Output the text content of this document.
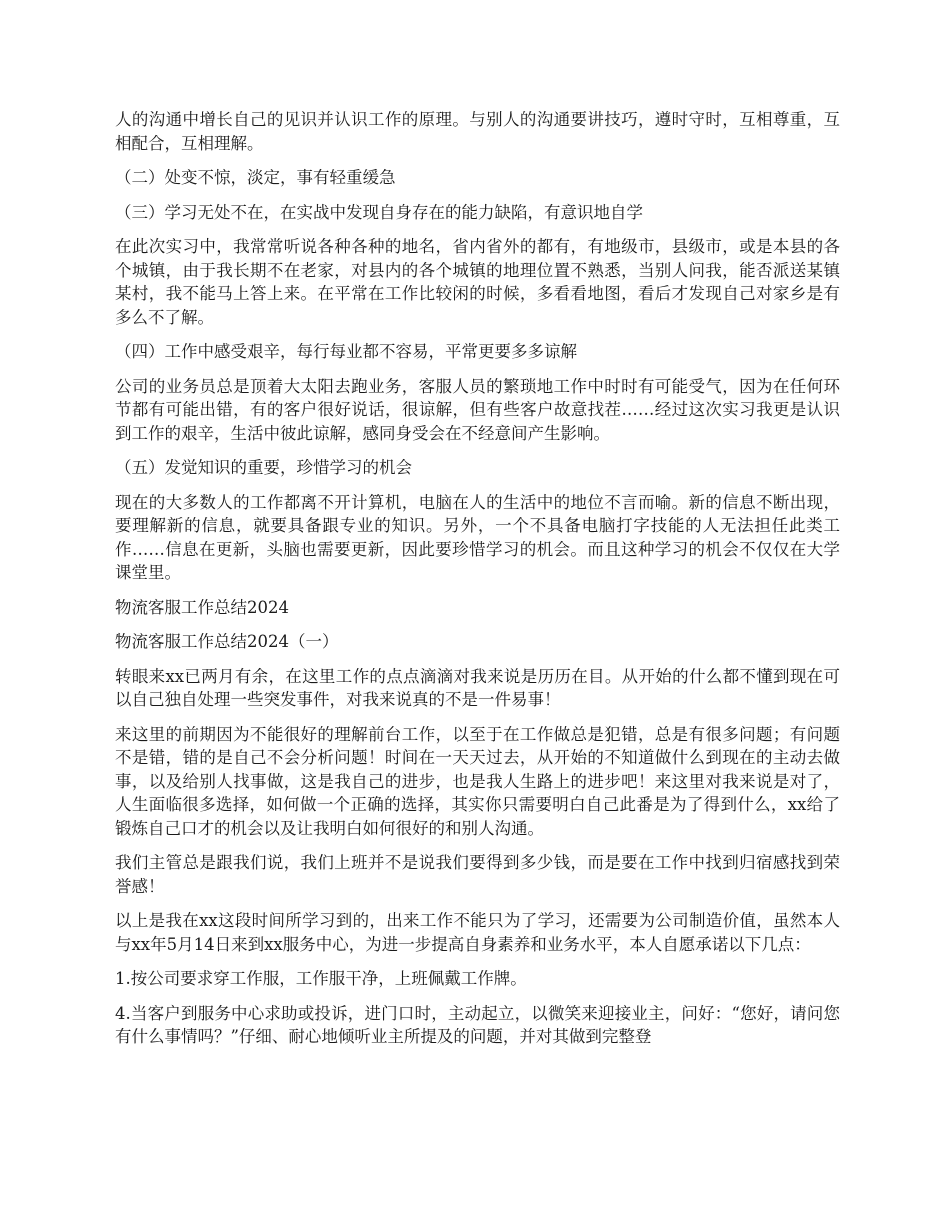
人的沟通中增长自己的见识并认识工作的原理。与别人的沟通要讲技巧，遵时守时，互相尊重，互相配合，互相理解。

（二）处变不惊，淡定，事有轻重缓急

（三）学习无处不在，在实战中发现自身存在的能力缺陷，有意识地自学

在此次实习中，我常常听说各种各种的地名，省内省外的都有，有地级市，县级市，或是本县的各个城镇，由于我长期不在老家，对县内的各个城镇的地理位置不熟悉，当别人问我，能否派送某镇某村，我不能马上答上来。在平常在工作比较闲的时候，多看看地图，看后才发现自己对家乡是有多么不了解。

（四）工作中感受艰辛，每行每业都不容易，平常更要多多谅解

公司的业务员总是顶着大太阳去跑业务，客服人员的繁琐地工作中时时有可能受气，因为在任何环节都有可能出错，有的客户很好说话，很谅解，但有些客户故意找茬……经过这次实习我更是认识到工作的艰辛，生活中彼此谅解，感同身受会在不经意间产生影响。

（五）发觉知识的重要，珍惜学习的机会

现在的大多数人的工作都离不开计算机，电脑在人的生活中的地位不言而喻。新的信息不断出现，要理解新的信息，就要具备跟专业的知识。另外，一个不具备电脑打字技能的人无法担任此类工作……信息在更新，头脑也需要更新，因此要珍惜学习的机会。而且这种学习的机会不仅仅在大学课堂里。

物流客服工作总结2024

物流客服工作总结2024（一）

转眼来xx已两月有余，在这里工作的点点滴滴对我来说是历历在目。从开始的什么都不懂到现在可以自己独自处理一些突发事件，对我来说真的不是一件易事！

来这里的前期因为不能很好的理解前台工作，以至于在工作做总是犯错，总是有很多问题；有问题不是错，错的是自己不会分析问题！时间在一天天过去，从开始的不知道做什么到现在的主动去做事，以及给别人找事做，这是我自己的进步，也是我人生路上的进步吧！来这里对我来说是对了，人生面临很多选择，如何做一个正确的选择，其实你只需要明白自己此番是为了得到什么，xx给了锻炼自己口才的机会以及让我明白如何很好的和别人沟通。

我们主管总是跟我们说，我们上班并不是说我们要得到多少钱，而是要在工作中找到归宿感找到荣誉感！

以上是我在xx这段时间所学习到的，出来工作不能只为了学习，还需要为公司制造价值，虽然本人与xx年5月14日来到xx服务中心，为进一步提高自身素养和业务水平，本人自愿承诺以下几点：

1.按公司要求穿工作服，工作服干净，上班佩戴工作牌。

4.当客户到服务中心求助或投诉，进门口时，主动起立，以微笑来迎接业主，问好：“您好，请问您有什么事情吗？”仔细、耐心地倾听业主所提及的问题，并对其做到完整登
